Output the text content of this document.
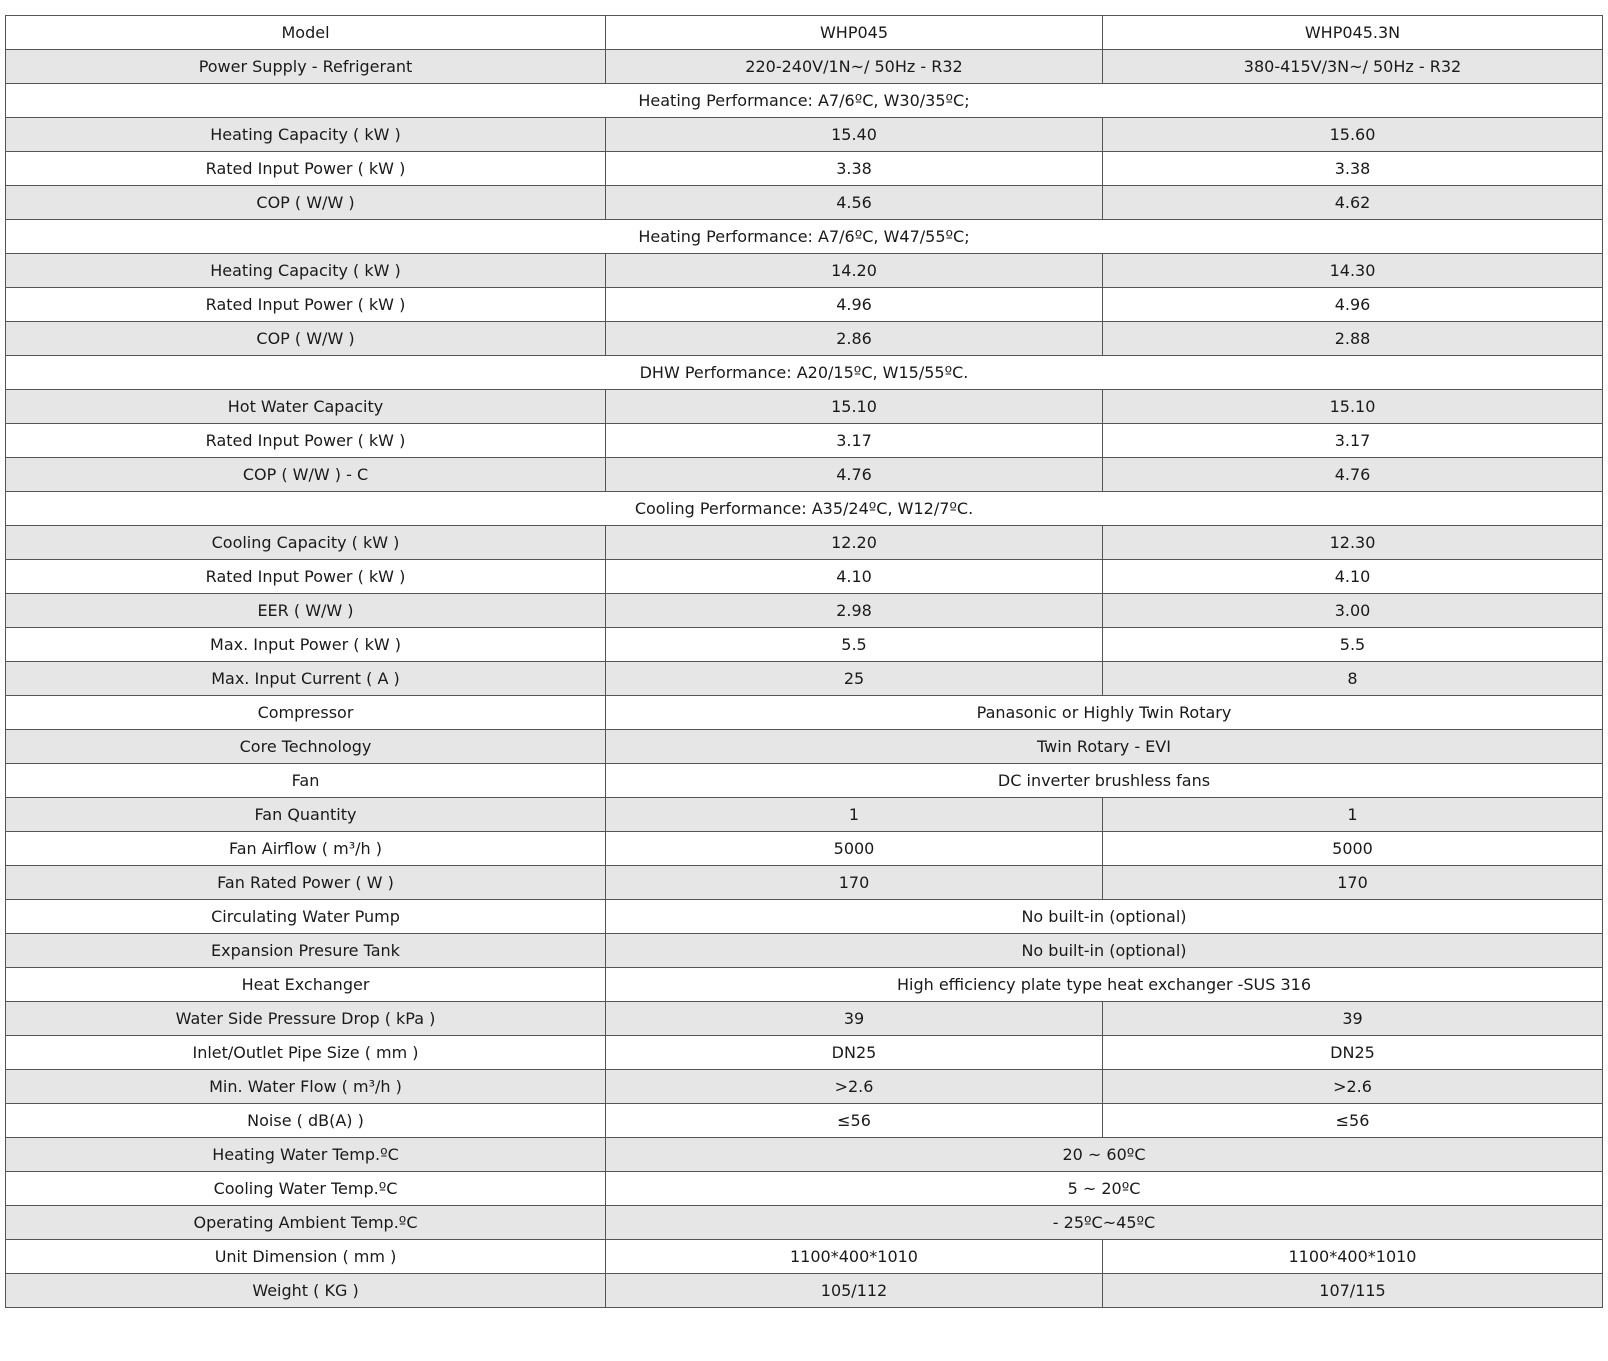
Model	WHP045	WHP045.3N
Power Supply - Refrigerant	220-240V/1N~/ 50Hz - R32	380-415V/3N~/ 50Hz - R32
Heating Performance: A7/6ºC, W30/35ºC;		
Heating Capacity ( kW )	15.40	15.60
Rated Input Power ( kW )	3.38	3.38
COP ( W/W )	4.56	4.62
Heating Performance: A7/6ºC, W47/55ºC;		
Heating Capacity ( kW )	14.20	14.30
Rated Input Power ( kW )	4.96	4.96
COP ( W/W )	2.86	2.88
DHW Performance: A20/15ºC, W15/55ºC.		
Hot Water Capacity	15.10	15.10
Rated Input Power ( kW )	3.17	3.17
COP ( W/W ) - C	4.76	4.76
Cooling Performance: A35/24ºC, W12/7ºC.		
Cooling Capacity ( kW )	12.20	12.30
Rated Input Power ( kW )	4.10	4.10
EER ( W/W )	2.98	3.00
Max. Input Power ( kW )	5.5	5.5
Max. Input Current ( A )	25	8
Compressor	Panasonic or Highly Twin Rotary	
Core Technology	Twin Rotary - EVI	
Fan	DC inverter brushless fans	
Fan Quantity	1	1
Fan Airflow ( m³/h )	5000	5000
Fan Rated Power ( W )	170	170
Circulating Water Pump	No built-in (optional)	
Expansion Presure Tank	No built-in (optional)	
Heat Exchanger	High efficiency plate type heat exchanger -SUS 316	
Water Side Pressure Drop ( kPa )	39	39
Inlet/Outlet Pipe Size ( mm )	DN25	DN25
Min. Water Flow ( m³/h )	>2.6	>2.6
Noise ( dB(A) )	≤56	≤56
Heating Water Temp.ºC	20 ~ 60ºC	
Cooling Water Temp.ºC	5 ~ 20ºC	
Operating Ambient Temp.ºC	- 25ºC~45ºC	
Unit Dimension ( mm )	1100*400*1010	1100*400*1010
Weight ( KG )	105/112	107/115
